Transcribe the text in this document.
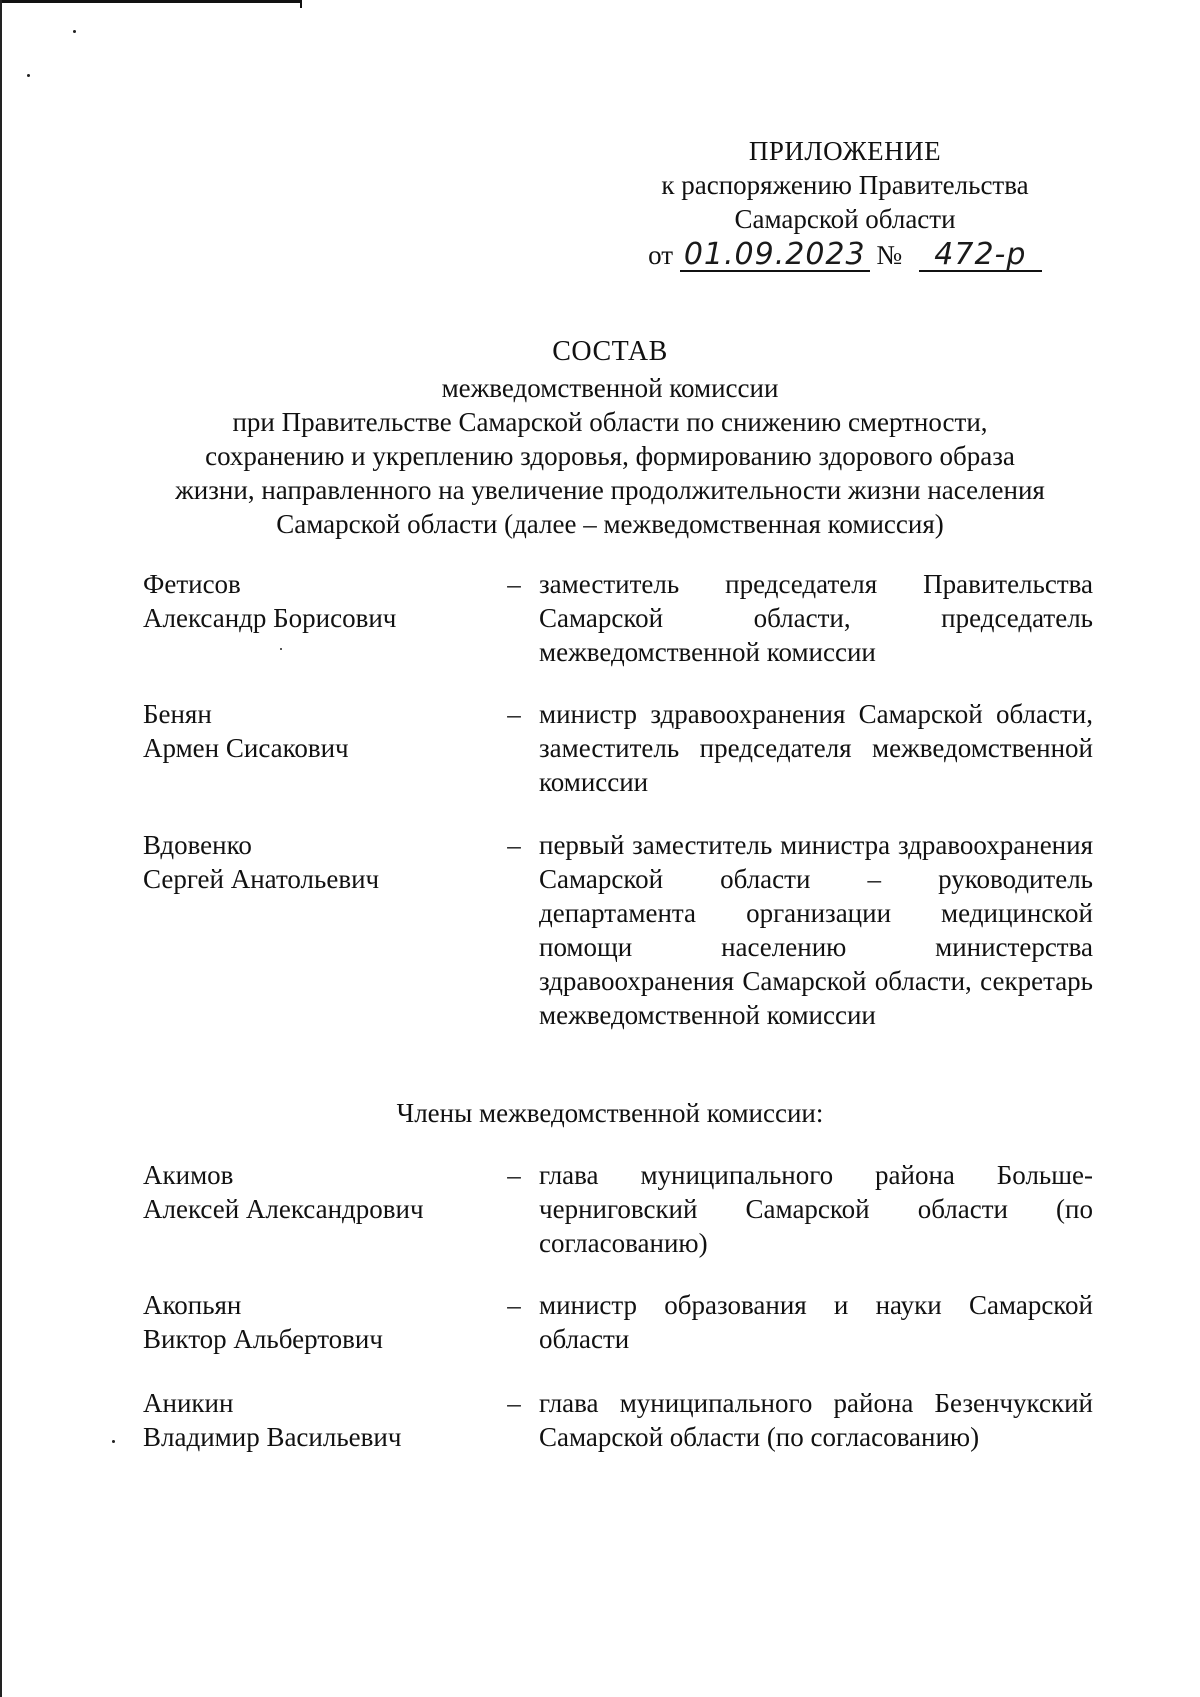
ПРИЛОЖЕНИЕ
к распоряжению Правительства
Самарской области
от 01.09.2023 № 472-р
СОСТАВ
межведомственной комиссии
при Правительстве Самарской области по снижению смертности,
сохранению и укреплению здоровья, формированию здорового образа
жизни, направленного на увеличение продолжительности жизни населения
Самарской области (далее – межведомственная комиссия)
Фетисов
Александр Борисович
– заместитель председателя Правительства Самарской области, председатель межведомственной комиссии
Бенян
Армен Сисакович
– министр здравоохранения Самарской области, заместитель председателя межведомственной комиссии
Вдовенко
Сергей Анатольевич
– первый заместитель министра здравоохранения Самарской области – руководитель департамента организации медицинской помощи населению министерства здравоохранения Самарской области, секретарь межведомственной комиссии
Члены межведомственной комиссии:
Акимов
Алексей Александрович
– глава муниципального района Больше-черниговский Самарской области (по согласованию)
Акопьян
Виктор Альбертович
– министр образования и науки Самарской области
Аникин
Владимир Васильевич
– глава муниципального района Безенчукский Самарской области (по согласованию)
